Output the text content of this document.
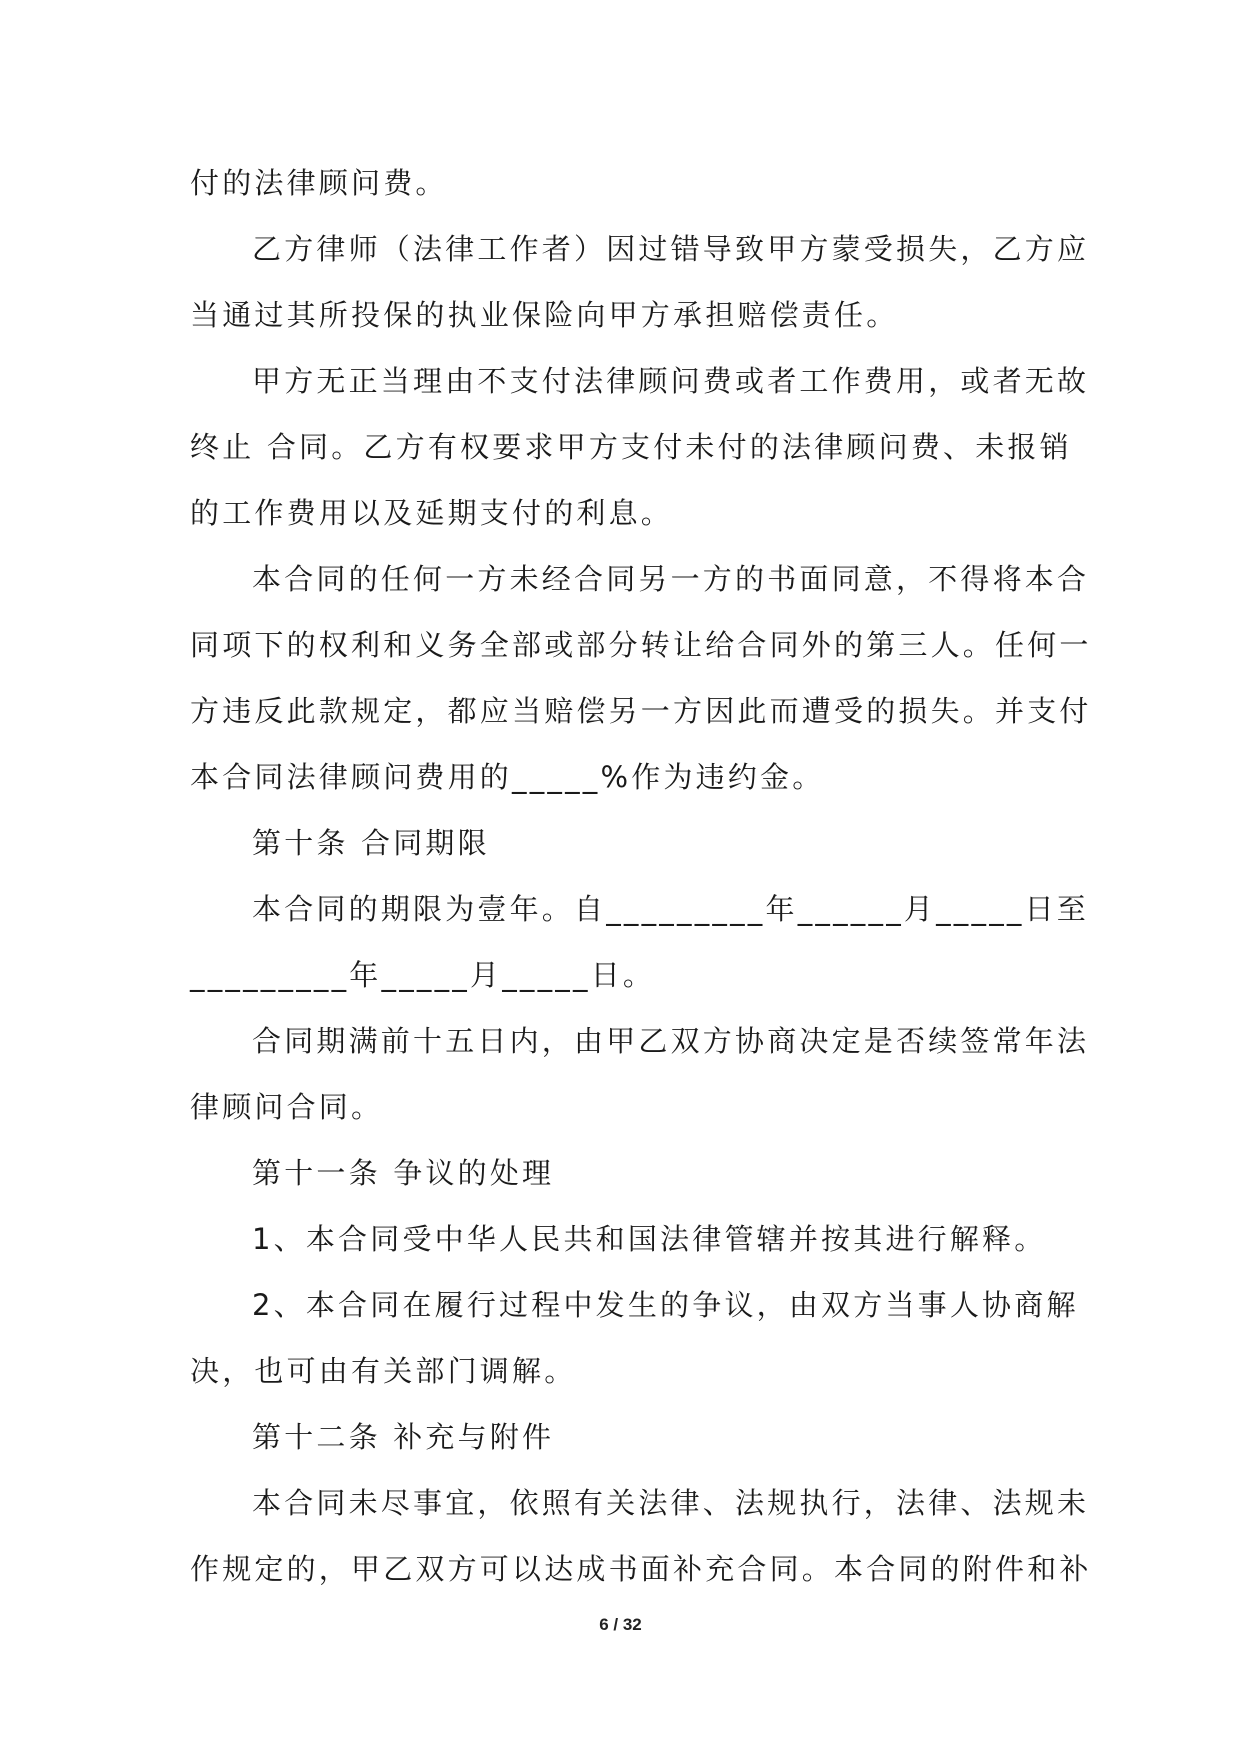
付的法律顾问费。
乙方律师（法律工作者）因过错导致甲方蒙受损失，乙方应
当通过其所投保的执业保险向甲方承担赔偿责任。
甲方无正当理由不支付法律顾问费或者工作费用，或者无故
终止 合同。乙方有权要求甲方支付未付的法律顾问费、未报销
的工作费用以及延期支付的利息。
本合同的任何一方未经合同另一方的书面同意，不得将本合
同项下的权利和义务全部或部分转让给合同外的第三人。任何一
方违反此款规定，都应当赔偿另一方因此而遭受的损失。并支付
本合同法律顾问费用的_____%作为违约金。
第十条 合同期限
本合同的期限为壹年。自_________年______月_____日至
_________年_____月_____日。
合同期满前十五日内，由甲乙双方协商决定是否续签常年法
律顾问合同。
第十一条 争议的处理
1、本合同受中华人民共和国法律管辖并按其进行解释。
2、本合同在履行过程中发生的争议，由双方当事人协商解
决，也可由有关部门调解。
第十二条 补充与附件
本合同未尽事宜，依照有关法律、法规执行，法律、法规未
作规定的，甲乙双方可以达成书面补充合同。本合同的附件和补
6 / 32
